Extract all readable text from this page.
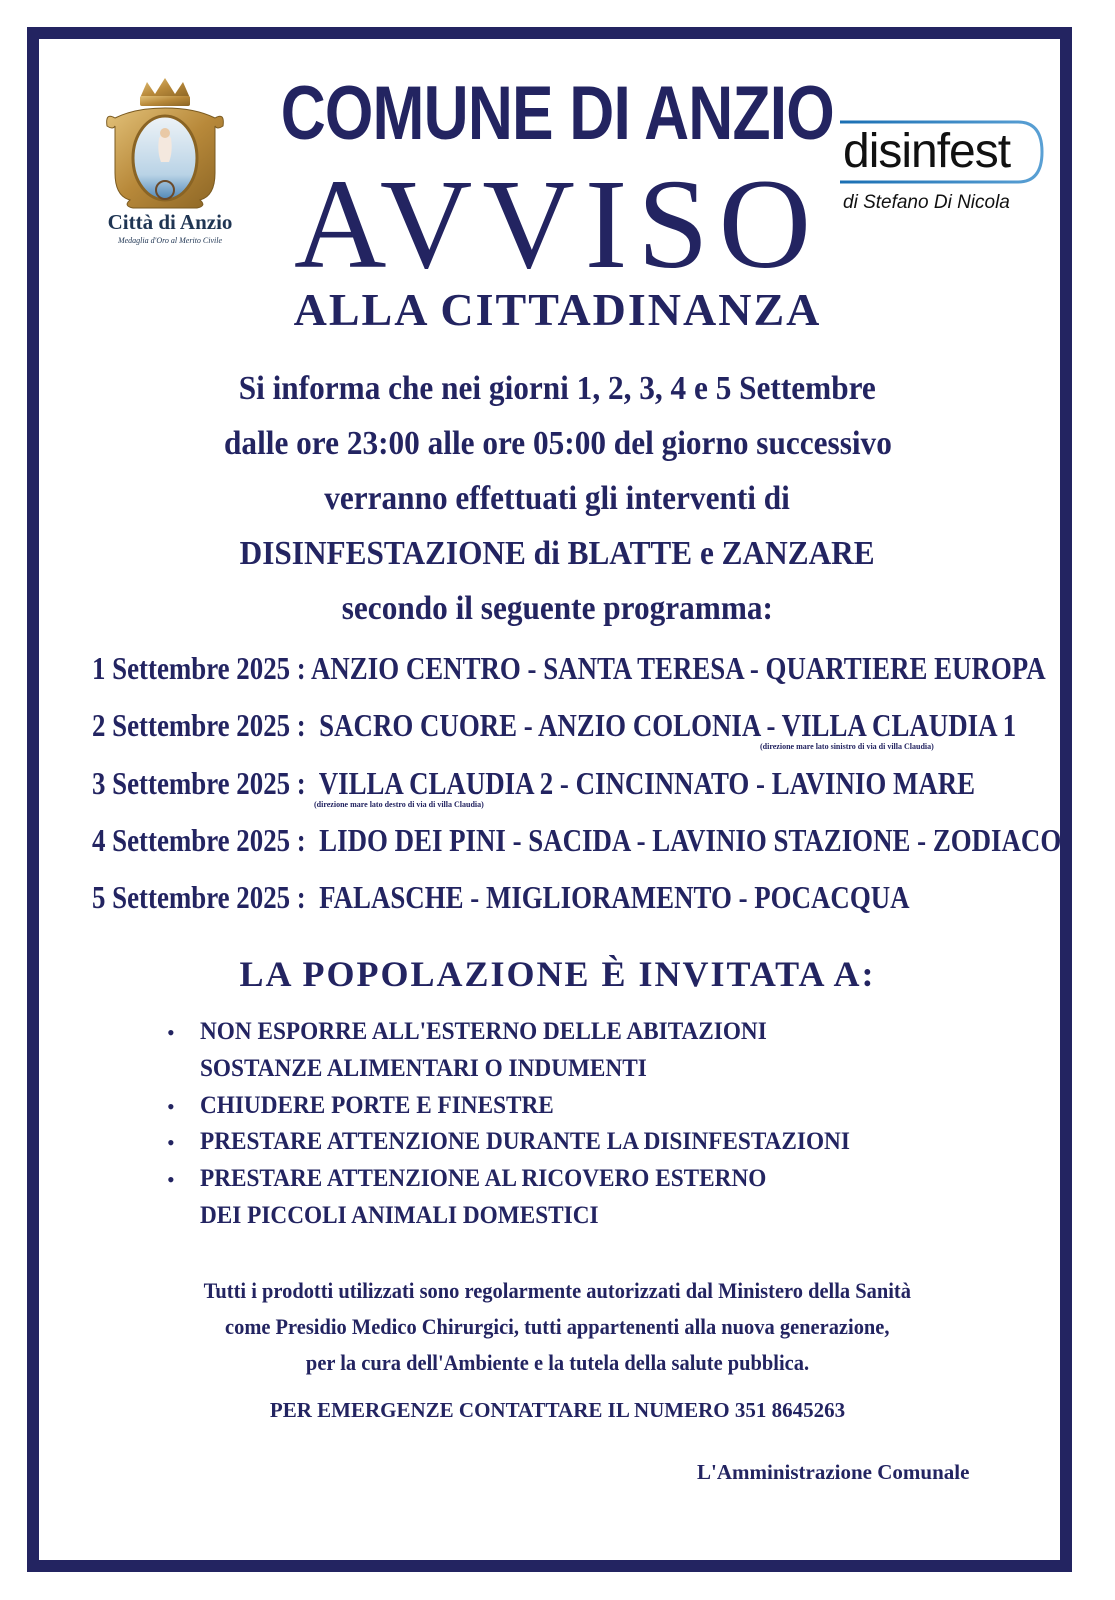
Città di Anzio
Medaglia d'Oro al Merito Civile
disinfest
di Stefano Di Nicola
COMUNE DI ANZIO
AVVISO
ALLA CITTADINANZA
Si informa che nei giorni 1, 2, 3, 4 e 5 Settembre
dalle ore 23:00 alle ore 05:00 del giorno successivo
verranno effettuati gli interventi di
DISINFESTAZIONE di BLATTE e ZANZARE
secondo il seguente programma:
1 Settembre 2025 : ANZIO CENTRO - SANTA TERESA - QUARTIERE EUROPA
2 Settembre 2025 : SACRO CUORE - ANZIO COLONIA - VILLA CLAUDIA 1
(direzione mare lato sinistro di via di villa Claudia)
3 Settembre 2025 : VILLA CLAUDIA 2 - CINCINNATO - LAVINIO MARE
(direzione mare lato destro di via di villa Claudia)
4 Settembre 2025 : LIDO DEI PINI - SACIDA - LAVINIO STAZIONE - ZODIACO
5 Settembre 2025 : FALASCHE - MIGLIORAMENTO - POCACQUA
LA POPOLAZIONE È INVITATA A:
• NON ESPORRE ALL'ESTERNO DELLE ABITAZIONI
SOSTANZE ALIMENTARI O INDUMENTI
• CHIUDERE PORTE E FINESTRE
• PRESTARE ATTENZIONE DURANTE LA DISINFESTAZIONI
• PRESTARE ATTENZIONE AL RICOVERO ESTERNO
DEI PICCOLI ANIMALI DOMESTICI
Tutti i prodotti utilizzati sono regolarmente autorizzati dal Ministero della Sanità
come Presidio Medico Chirurgici, tutti appartenenti alla nuova generazione,
per la cura dell'Ambiente e la tutela della salute pubblica.
PER EMERGENZE CONTATTARE IL NUMERO 351 8645263
L'Amministrazione Comunale
